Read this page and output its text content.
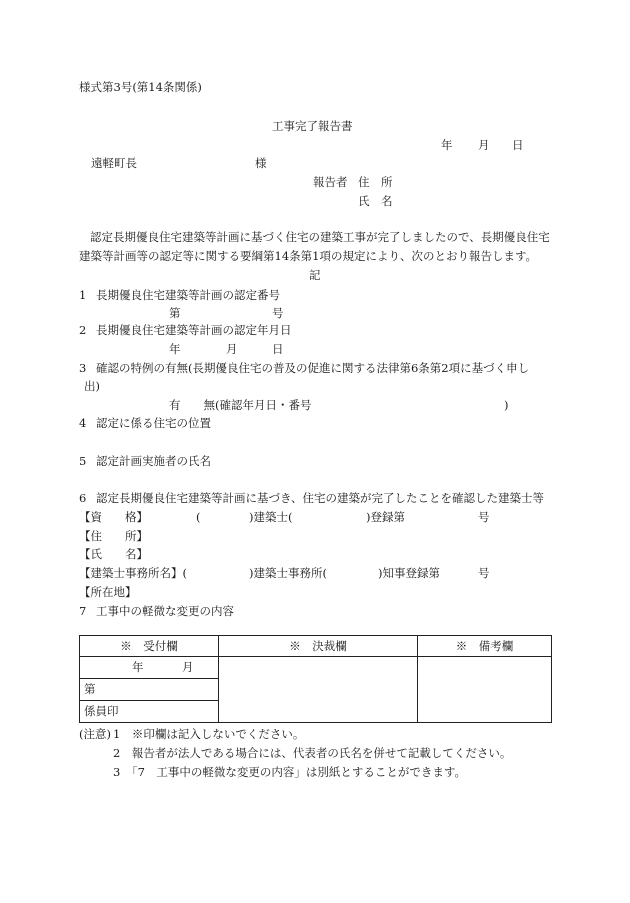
様式第3号(第14条関係)
工事完了報告書
年 月 日
遠軽町長	様
報告者 住　所
氏　名
認定長期優良住宅建築等計画に基づく住宅の建築工事が完了しましたので、長期優良住宅建築等計画等の認定等に関する要綱第14条第1項の規定により、次のとおり報告します。
記
1 長期優良住宅建築等計画の認定番号
第	号
2 長期優良住宅建築等計画の認定年月日
年	月	日
3 確認の特例の有無(長期優良住宅の普及の促進に関する法律第6条第2項に基づく申し
出)
有　　無(確認年月日・番号	)
4 認定に係る住宅の位置
5 認定計画実施者の氏名
6 認定長期優良住宅建築等計画に基づき、住宅の建築が完了したことを確認した建築士等
【資　　格】	(	)建築士(	)登録第	号
【住　　所】
【氏　　名】
【建築士事務所名】(	)建築士事務所(	)知事登録第	号
【所在地】
7 工事中の軽微な変更の内容
※　受付欄	※　決裁欄	※　備考欄

年 月
第
係員印		

(注意) 1　※印欄は記入しないでください。
2　報告者が法人である場合には、代表者の氏名を併せて記載してください。
3　「7　工事中の軽微な変更の内容」は別紙とすることができます。
